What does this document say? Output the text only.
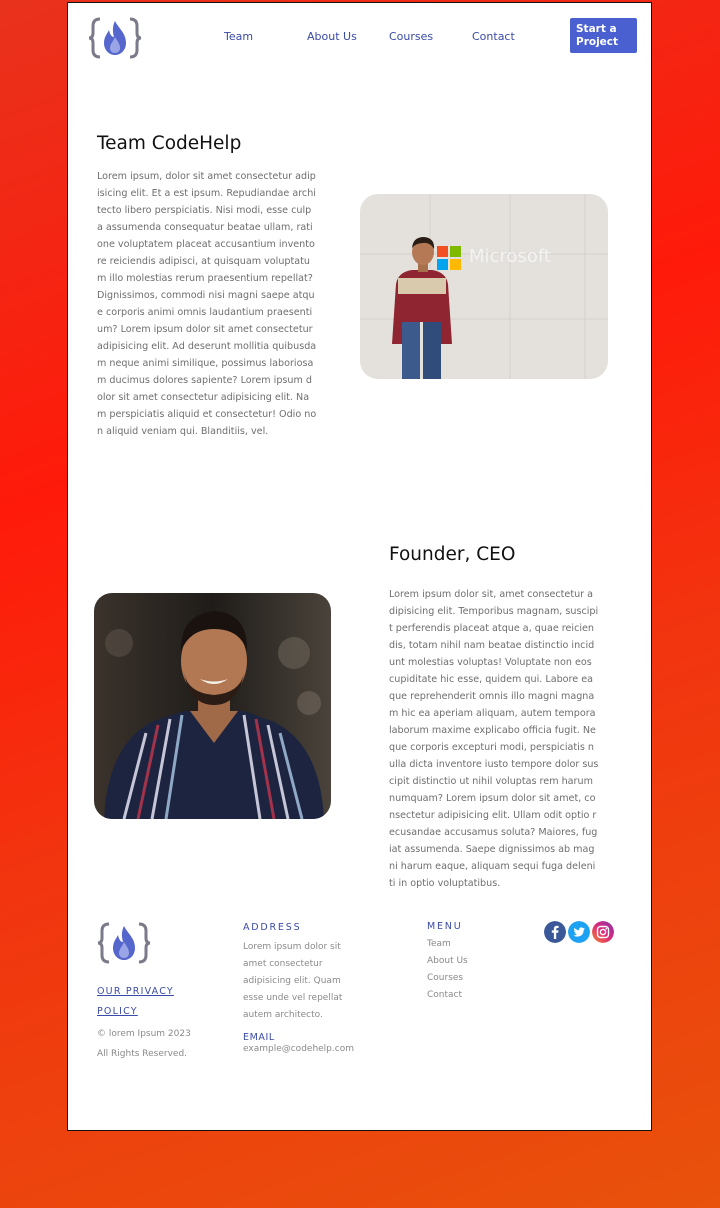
Team	About Us	Courses	Contact
Start a Project
Team CodeHelp

Lorem ipsum, dolor sit amet consectetur adipisicing elit. Et a est ipsum. Repudiandae architecto libero perspiciatis. Nisi modi, esse culpa assumenda consequatur beatae ullam, ratione voluptatem placeat accusantium inventore reiciendis adipisci, at quisquam voluptatum illo molestias rerum praesentium repellat? Dignissimos, commodi nisi magni saepe atque corporis animi omnis laudantium praesentium? Lorem ipsum dolor sit amet consectetur adipisicing elit. Ad deserunt mollitia quibusdam neque animi similique, possimus laboriosam ducimus dolores sapiente? Lorem ipsum dolor sit amet consectetur adipisicing elit. Nam perspiciatis aliquid et consectetur! Odio non aliquid veniam qui. Blanditiis, vel.

Microsoft
Founder, CEO

Lorem ipsum dolor sit, amet consectetur adipisicing elit. Temporibus magnam, suscipit perferendis placeat atque a, quae reiciendis, totam nihil nam beatae distinctio incidunt molestias voluptas! Voluptate non eos cupiditate hic esse, quidem qui. Labore eaque reprehenderit omnis illo magni magnam hic ea aperiam aliquam, autem tempora laborum maxime explicabo officia fugit. Neque corporis excepturi modi, perspiciatis nulla dicta inventore iusto tempore dolor suscipit distinctio ut nihil voluptas rem harum numquam? Lorem ipsum dolor sit amet, consectetur adipisicing elit. Ullam odit optio recusandae accusamus soluta? Maiores, fugiat assumenda. Saepe dignissimos ab magni harum eaque, aliquam sequi fuga deleniti in optio voluptatibus.

OUR PRIVACY
POLICY
© lorem Ipsum 2023
All Rights Reserved.
ADDRESS
Lorem ipsum dolor sit amet consectetur adipisicing elit. Quam esse unde vel repellat autem architecto.
EMAIL
example@codehelp.com
MENU
Team
About Us
Courses
Contact
